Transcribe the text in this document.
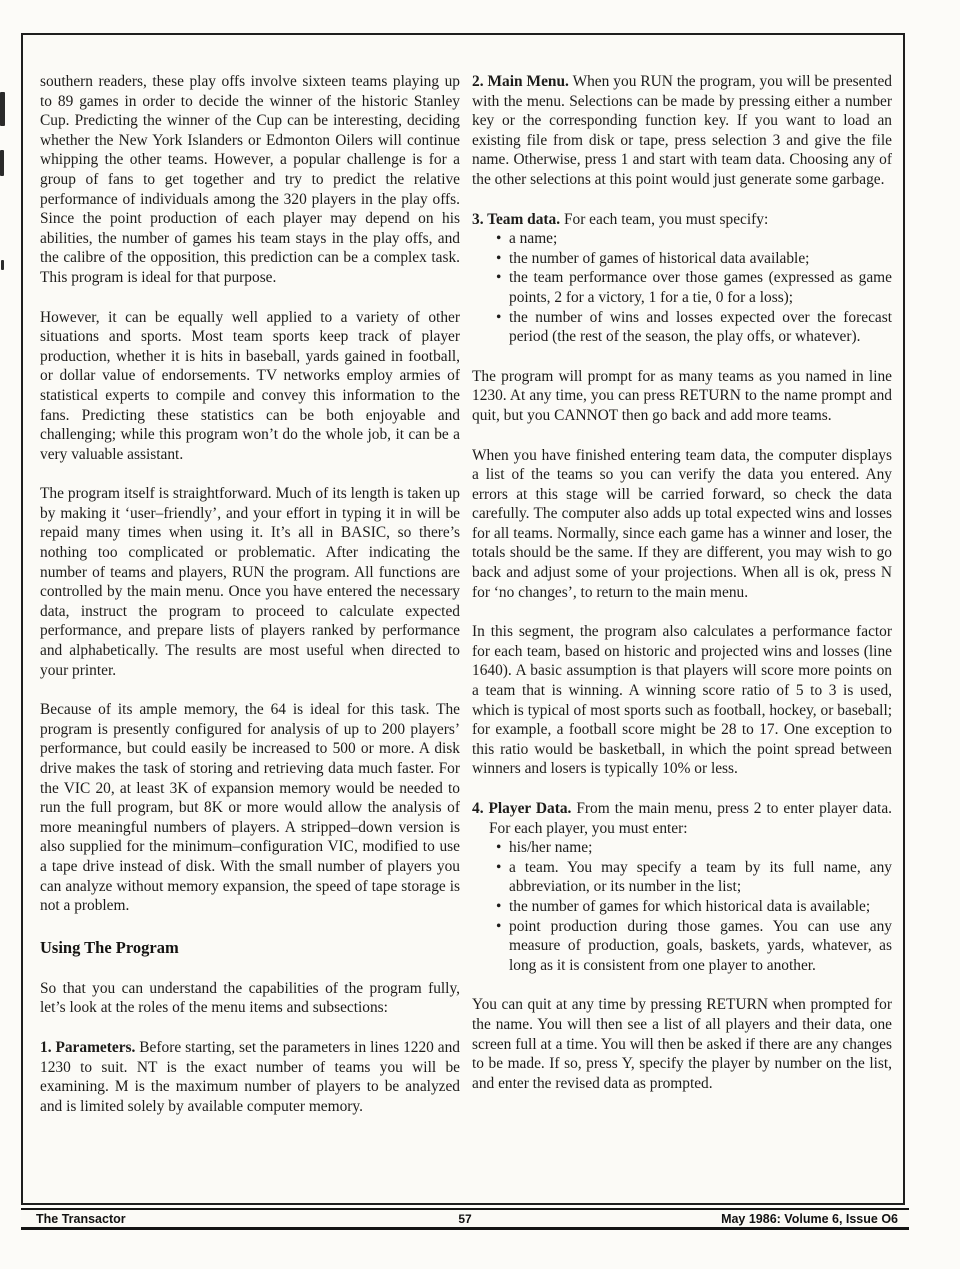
southern readers, these play offs involve sixteen teams playing up to 89 games in order to decide the winner of the historic Stanley Cup. Predicting the winner of the Cup can be interesting, deciding whether the New York Islanders or Edmonton Oilers will continue whipping the other teams. However, a popular challenge is for a group of fans to get together and try to predict the relative performance of individuals among the 320 players in the play offs. Since the point production of each player may depend on his abilities, the number of games his team stays in the play offs, and the calibre of the opposition, this prediction can be a complex task. This program is ideal for that purpose.

However, it can be equally well applied to a variety of other situations and sports. Most team sports keep track of player production, whether it is hits in baseball, yards gained in football, or dollar value of endorsements. TV networks employ armies of statistical experts to compile and convey this information to the fans. Predicting these statistics can be both enjoyable and challenging; while this program won’t do the whole job, it can be a very valuable assistant.

The program itself is straightforward. Much of its length is taken up by making it ‘user–friendly’, and your effort in typing it in will be repaid many times when using it. It’s all in BASIC, so there’s nothing too complicated or problematic. After indicating the number of teams and players, RUN the program. All functions are controlled by the main menu. Once you have entered the necessary data, instruct the program to proceed to calculate expected performance, and prepare lists of players ranked by performance and alphabetically. The results are most useful when directed to your printer.

Because of its ample memory, the 64 is ideal for this task. The program is presently configured for analysis of up to 200 players’ performance, but could easily be increased to 500 or more. A disk drive makes the task of storing and retrieving data much faster. For the VIC 20, at least 3K of expansion memory would be needed to run the full program, but 8K or more would allow the analysis of more meaningful numbers of players. A stripped–down version is also supplied for the minimum–configuration VIC, modified to use a tape drive instead of disk. With the small number of players you can analyze without memory expansion, the speed of tape storage is not a problem.

Using The Program

So that you can understand the capabilities of the program fully, let’s look at the roles of the menu items and subsections:

1. Parameters. Before starting, set the parameters in lines 1220 and 1230 to suit. NT is the exact number of teams you will be examining. M is the maximum number of players to be analyzed and is limited solely by available computer memory.

2. Main Menu. When you RUN the program, you will be presented with the menu. Selections can be made by pressing either a number key or the corresponding function key. If you want to load an existing file from disk or tape, press selection 3 and give the file name. Otherwise, press 1 and start with team data. Choosing any of the other selections at this point would just generate some garbage.

3. Team data. For each team, you must specify:

• a name;
• the number of games of historical data available;
• the team performance over those games (expressed as game points, 2 for a victory, 1 for a tie, 0 for a loss);
• the number of wins and losses expected over the forecast period (the rest of the season, the play offs, or whatever).

The program will prompt for as many teams as you named in line 1230. At any time, you can press RETURN to the name prompt and quit, but you CANNOT then go back and add more teams.

When you have finished entering team data, the computer displays a list of the teams so you can verify the data you entered. Any errors at this stage will be carried forward, so check the data carefully. The computer also adds up total expected wins and losses for all teams. Normally, since each game has a winner and loser, the totals should be the same. If they are different, you may wish to go back and adjust some of your projections. When all is ok, press N for ‘no changes’, to return to the main menu.

In this segment, the program also calculates a performance factor for each team, based on historic and projected wins and losses (line 1640). A basic assumption is that players will score more points on a team that is winning. A winning score ratio of 5 to 3 is used, which is typical of most sports such as football, hockey, or baseball; for example, a football score might be 28 to 17. One exception to this ratio would be basketball, in which the point spread between winners and losers is typically 10% or less.

4. Player Data. From the main menu, press 2 to enter player data. For each player, you must enter:

• his/her name;
• a team. You may specify a team by its full name, any abbreviation, or its number in the list;
• the number of games for which historical data is available;
• point production during those games. You can use any measure of production, goals, baskets, yards, whatever, as long as it is consistent from one player to another.

You can quit at any time by pressing RETURN when prompted for the name. You will then see a list of all players and their data, one screen full at a time. You will then be asked if there are any changes to be made. If so, press Y, specify the player by number on the list, and enter the revised data as prompted.

The Transactor	57	May 1986: Volume 6, Issue O6
